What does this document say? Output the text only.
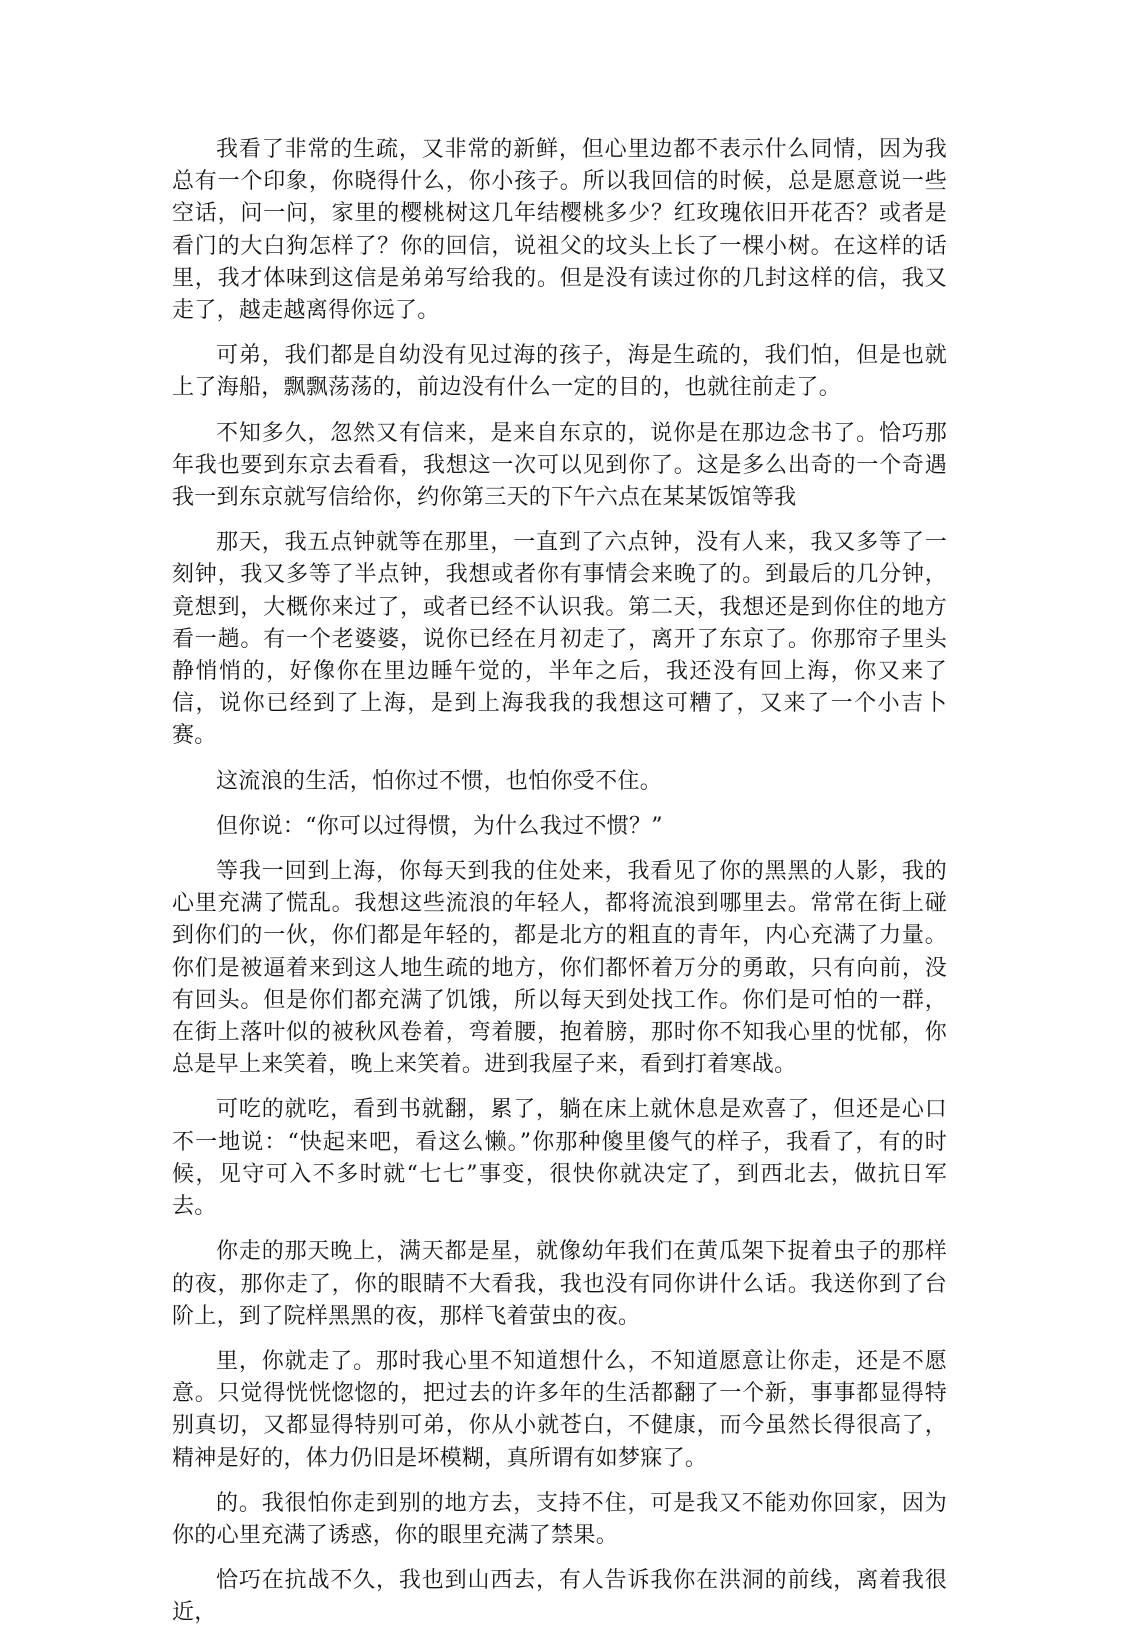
我看了非常的生疏，又非常的新鲜，但心里边都不表示什么同情，因为我总有一个印象，你晓得什么，你小孩子。所以我回信的时候，总是愿意说一些空话，问一问，家里的樱桃树这几年结樱桃多少？红玫瑰依旧开花否？或者是看门的大白狗怎样了？你的回信，说祖父的坟头上长了一棵小树。在这样的话里，我才体味到这信是弟弟写给我的。但是没有读过你的几封这样的信，我又走了，越走越离得你远了。

可弟，我们都是自幼没有见过海的孩子，海是生疏的，我们怕，但是也就上了海船，飘飘荡荡的，前边没有什么一定的目的，也就往前走了。

不知多久，忽然又有信来，是来自东京的，说你是在那边念书了。恰巧那年我也要到东京去看看，我想这一次可以见到你了。这是多么出奇的一个奇遇我一到东京就写信给你，约你第三天的下午六点在某某饭馆等我

那天，我五点钟就等在那里，一直到了六点钟，没有人来，我又多等了一刻钟，我又多等了半点钟，我想或者你有事情会来晚了的。到最后的几分钟，竟想到，大概你来过了，或者已经不认识我。第二天，我想还是到你住的地方看一趟。有一个老婆婆，说你已经在月初走了，离开了东京了。你那帘子里头静悄悄的，好像你在里边睡午觉的，半年之后，我还没有回上海，你又来了信，说你已经到了上海，是到上海我我的我想这可糟了，又来了一个小吉卜赛。

这流浪的生活，怕你过不惯，也怕你受不住。

但你说：“你可以过得惯，为什么我过不惯？”

等我一回到上海，你每天到我的住处来，我看见了你的黑黑的人影，我的心里充满了慌乱。我想这些流浪的年轻人，都将流浪到哪里去。常常在街上碰到你们的一伙，你们都是年轻的，都是北方的粗直的青年，内心充满了力量。你们是被逼着来到这人地生疏的地方，你们都怀着万分的勇敢，只有向前，没有回头。但是你们都充满了饥饿，所以每天到处找工作。你们是可怕的一群，在街上落叶似的被秋风卷着，弯着腰，抱着膀，那时你不知我心里的忧郁，你总是早上来笑着，晚上来笑着。进到我屋子来，看到打着寒战。

可吃的就吃，看到书就翻，累了，躺在床上就休息是欢喜了，但还是心口不一地说：“快起来吧，看这么懒。”你那种傻里傻气的样子，我看了，有的时候，见守可入不多时就“七七”事变，很快你就决定了，到西北去，做抗日军去。

你走的那天晚上，满天都是星，就像幼年我们在黄瓜架下捉着虫子的那样的夜，那你走了，你的眼睛不大看我，我也没有同你讲什么话。我送你到了台阶上，到了院样黑黑的夜，那样飞着萤虫的夜。

里，你就走了。那时我心里不知道想什么，不知道愿意让你走，还是不愿意。只觉得恍恍惚惚的，把过去的许多年的生活都翻了一个新，事事都显得特别真切，又都显得特别可弟，你从小就苍白，不健康，而今虽然长得很高了，精神是好的，体力仍旧是坏模糊，真所谓有如梦寐了。

的。我很怕你走到别的地方去，支持不住，可是我又不能劝你回家，因为你的心里充满了诱惑，你的眼里充满了禁果。

恰巧在抗战不久，我也到山西去，有人告诉我你在洪洞的前线，离着我很近，
